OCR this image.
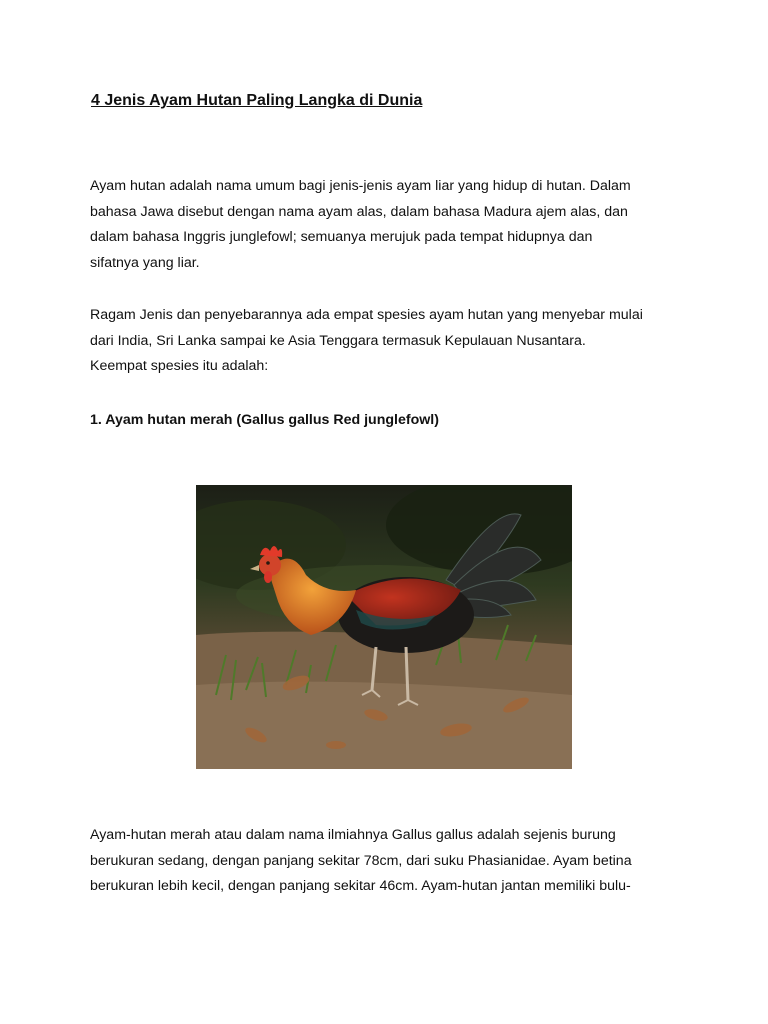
4 Jenis Ayam Hutan Paling Langka di Dunia

Ayam hutan adalah nama umum bagi jenis-jenis ayam liar yang hidup di hutan. Dalam
bahasa Jawa disebut dengan nama ayam alas, dalam bahasa Madura ajem alas, dan
dalam bahasa Inggris junglefowl; semuanya merujuk pada tempat hidupnya dan
sifatnya yang liar.

Ragam Jenis dan penyebarannya ada empat spesies ayam hutan yang menyebar mulai
dari India, Sri Lanka sampai ke Asia Tenggara termasuk Kepulauan Nusantara.
Keempat spesies itu adalah:

1. Ayam hutan merah (Gallus gallus Red junglefowl)

Ayam-hutan merah atau dalam nama ilmiahnya Gallus gallus adalah sejenis burung
berukuran sedang, dengan panjang sekitar 78cm, dari suku Phasianidae. Ayam betina
berukuran lebih kecil, dengan panjang sekitar 46cm. Ayam-hutan jantan memiliki bulu-
